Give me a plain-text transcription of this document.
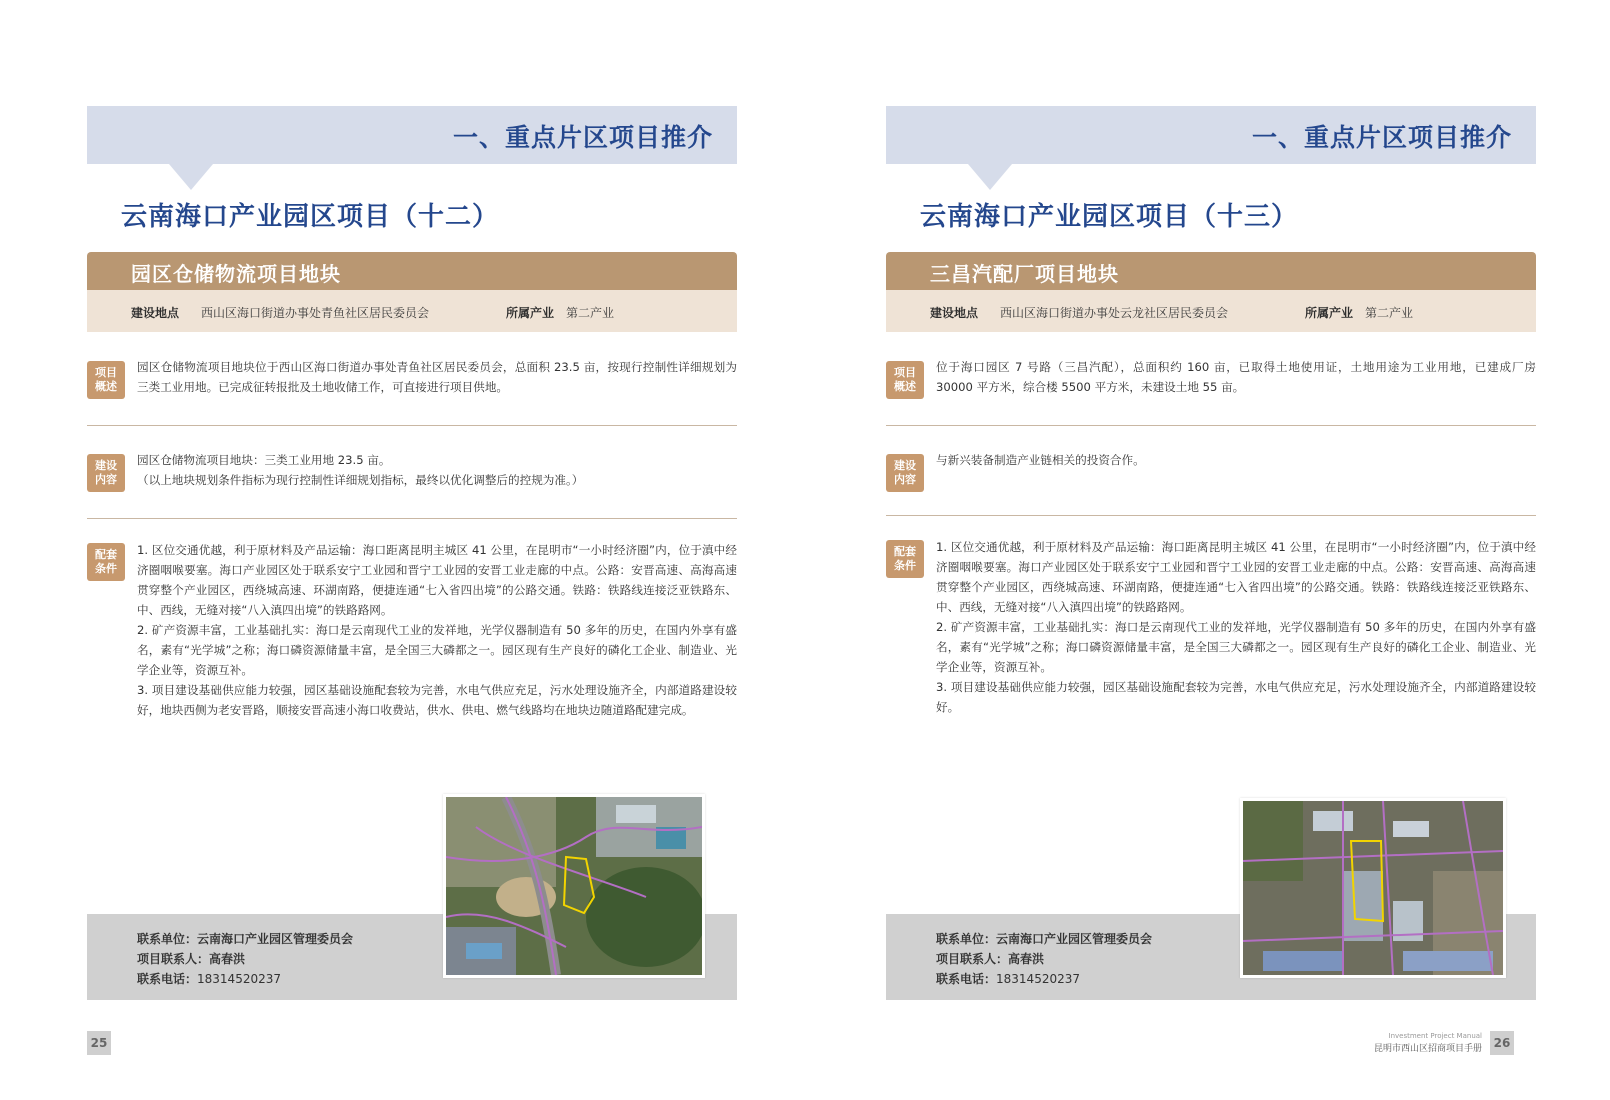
一、重点片区项目推介
云南海口产业园区项目（十二）
园区仓储物流项目地块
建设地点 西山区海口街道办事处青鱼社区居民委员会	所属产业 第二产业
项目
概述

园区仓储物流项目地块位于西山区海口街道办事处青鱼社区居民委员会，总面积 23.5 亩，按现行控制性详细规划为三类工业用地。已完成征转报批及土地收储工作，可直接进行项目供地。

建设
内容

园区仓储物流项目地块：三类工业用地 23.5 亩。

（以上地块规划条件指标为现行控制性详细规划指标，最终以优化调整后的控规为准。）

配套
条件

1. 区位交通优越，利于原材料及产品运输：海口距离昆明主城区 41 公里，在昆明市“一小时经济圈”内，位于滇中经济圈咽喉要塞。海口产业园区处于联系安宁工业园和晋宁工业园的安晋工业走廊的中点。公路：安晋高速、高海高速贯穿整个产业园区，西绕城高速、环湖南路，便捷连通“七入省四出境”的公路交通。铁路：铁路线连接泛亚铁路东、中、西线，无缝对接“八入滇四出境”的铁路路网。

2. 矿产资源丰富，工业基础扎实：海口是云南现代工业的发祥地，光学仪器制造有 50 多年的历史，在国内外享有盛名，素有“光学城”之称；海口磷资源储量丰富，是全国三大磷都之一。园区现有生产良好的磷化工企业、制造业、光学企业等，资源互补。

3. 项目建设基础供应能力较强，园区基础设施配套较为完善，水电气供应充足，污水处理设施齐全，内部道路建设较好，地块西侧为老安晋路，顺接安晋高速小海口收费站，供水、供电、燃气线路均在地块边随道路配建完成。

联系单位：云南海口产业园区管理委员会
项目联系人：高春洪
联系电话：18314520237
25
一、重点片区项目推介
云南海口产业园区项目（十三）
三昌汽配厂项目地块
建设地点 西山区海口街道办事处云龙社区居民委员会	所属产业 第二产业
项目
概述

位于海口园区 7 号路（三昌汽配），总面积约 160 亩，已取得土地使用证，土地用途为工业用地，已建成厂房 30000 平方米，综合楼 5500 平方米，未建设土地 55 亩。

建设
内容

与新兴装备制造产业链相关的投资合作。

配套
条件

1. 区位交通优越，利于原材料及产品运输：海口距离昆明主城区 41 公里，在昆明市“一小时经济圈”内，位于滇中经济圈咽喉要塞。海口产业园区处于联系安宁工业园和晋宁工业园的安晋工业走廊的中点。公路：安晋高速、高海高速贯穿整个产业园区，西绕城高速、环湖南路，便捷连通“七入省四出境”的公路交通。铁路：铁路线连接泛亚铁路东、中、西线，无缝对接“八入滇四出境”的铁路路网。

2. 矿产资源丰富，工业基础扎实：海口是云南现代工业的发祥地，光学仪器制造有 50 多年的历史，在国内外享有盛名，素有“光学城”之称；海口磷资源储量丰富，是全国三大磷都之一。园区现有生产良好的磷化工企业、制造业、光学企业等，资源互补。

3. 项目建设基础供应能力较强，园区基础设施配套较为完善，水电气供应充足，污水处理设施齐全，内部道路建设较好。

联系单位：云南海口产业园区管理委员会
项目联系人：高春洪
联系电话：18314520237
Investment Project Manual
昆明市西山区招商项目手册 26
